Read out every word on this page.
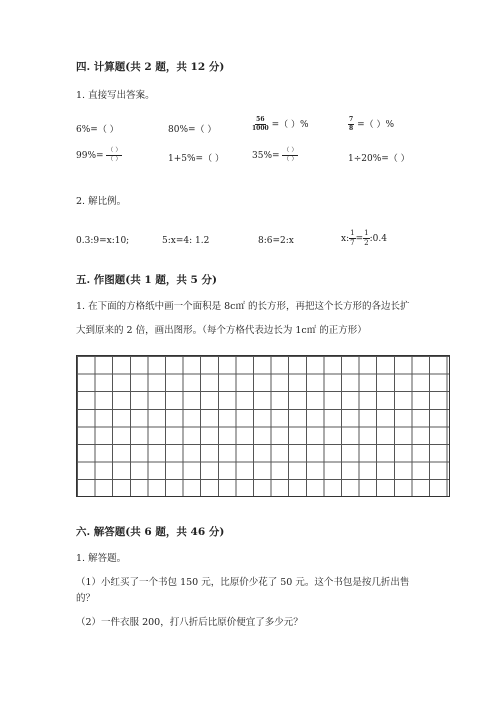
四. 计算题(共 2 题，共 12 分)
1. 直接写出答案。
6%=（ ）	80%=（ ）	$\frac{56}{1000}$ =（ ）%	$\frac{7}{8}$ =（ ）%
$99\%= \frac{( )}{( )}$	1+5%=（ ）	$35\%= \frac{( )}{( )}$	1÷20%=（ ）
2. 解比例。
0.3:9=x:10;	5:x=4: 1.2	8:6=2:x	x: $\frac{1}{7} = \frac{1}{2}$ :0.4
五. 作图题(共 1 题，共 5 分)
1. 在下面的方格纸中画一个面积是 8c㎡ 的长方形，再把这个长方形的各边长扩
大到原来的 2 倍，画出图形。（每个方格代表边长为 1c㎡ 的正方形）
六. 解答题(共 6 题，共 46 分)
1. 解答题。
（1）小红买了一个书包 150 元，比原价少花了 50 元。这个书包是按几折出售
的？
（2）一件衣服 200，打八折后比原价便宜了多少元？
